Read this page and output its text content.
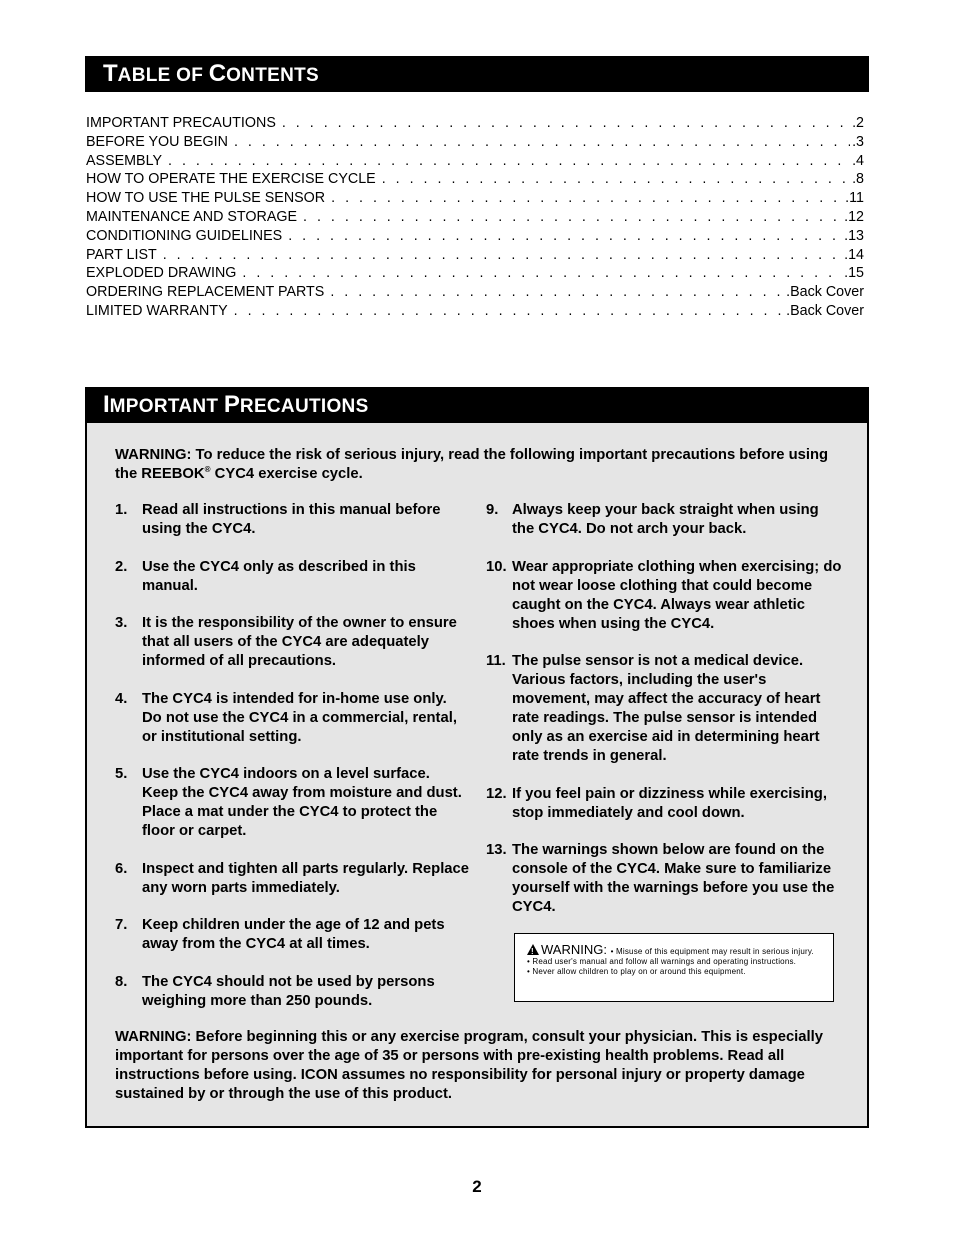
TABLE OF CONTENTS
IMPORTANT PRECAUTIONS . . .	.2
BEFORE YOU BEGIN . . .	.3
ASSEMBLY . . .	.4
HOW TO OPERATE THE EXERCISE CYCLE . . .	.8
HOW TO USE THE PULSE SENSOR . . .	.11
MAINTENANCE AND STORAGE . . .	.12
CONDITIONING GUIDELINES . . .	.13
PART LIST . . .	.14
EXPLODED DRAWING . . .	.15
ORDERING REPLACEMENT PARTS . . .	.Back Cover
LIMITED WARRANTY . . .	.Back Cover
IMPORTANT PRECAUTIONS
WARNING: To reduce the risk of serious injury, read the following important precautions before using the REEBOK® CYC4 exercise cycle.
1. Read all instructions in this manual before using the CYC4.
2. Use the CYC4 only as described in this manual.
3. It is the responsibility of the owner to ensure that all users of the CYC4 are adequately informed of all precautions.
4. The CYC4 is intended for in-home use only. Do not use the CYC4 in a commercial, rental, or institutional setting.
5. Use the CYC4 indoors on a level surface. Keep the CYC4 away from moisture and dust. Place a mat under the CYC4 to protect the floor or carpet.
6. Inspect and tighten all parts regularly. Replace any worn parts immediately.
7. Keep children under the age of 12 and pets away from the CYC4 at all times.
8. The CYC4 should not be used by persons weighing more than 250 pounds.
9. Always keep your back straight when using the CYC4. Do not arch your back.
10. Wear appropriate clothing when exercising; do not wear loose clothing that could become caught on the CYC4. Always wear athletic shoes when using the CYC4.
11. The pulse sensor is not a medical device. Various factors, including the user's movement, may affect the accuracy of heart rate readings. The pulse sensor is intended only as an exercise aid in determining heart rate trends in general.
12. If you feel pain or dizziness while exercising, stop immediately and cool down.
13. The warnings shown below are found on the console of the CYC4. Make sure to familiarize yourself with the warnings before you use the CYC4.
!WARNING: • Misuse of this equipment may result in serious injury.
• Read user's manual and follow all warnings and operating instructions.
• Never allow children to play on or around this equipment.
WARNING: Before beginning this or any exercise program, consult your physician. This is especially important for persons over the age of 35 or persons with pre-existing health problems. Read all instructions before using. ICON assumes no responsibility for personal injury or property damage sustained by or through the use of this product.
2
